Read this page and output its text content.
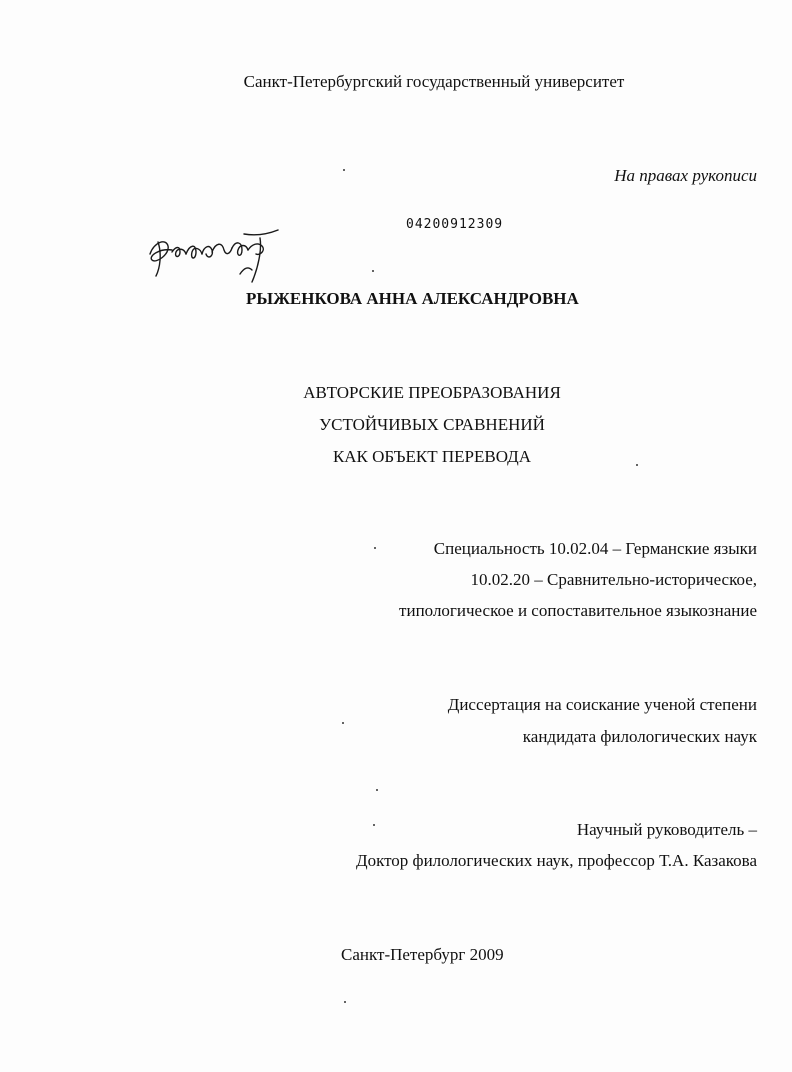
Санкт-Петербургский государственный университет
На правах рукописи
04200912309
РЫЖЕНКОВА АННА АЛЕКСАНДРОВНА
АВТОРСКИЕ ПРЕОБРАЗОВАНИЯ
УСТОЙЧИВЫХ СРАВНЕНИЙ
КАК ОБЪЕКТ ПЕРЕВОДА
Специальность 10.02.04 – Германские языки
10.02.20 – Сравнительно-историческое,
типологическое и сопоставительное языкознание
Диссертация на соискание ученой степени
кандидата филологических наук
Научный руководитель –
Доктор филологических наук, профессор Т.А. Казакова
Санкт-Петербург 2009
